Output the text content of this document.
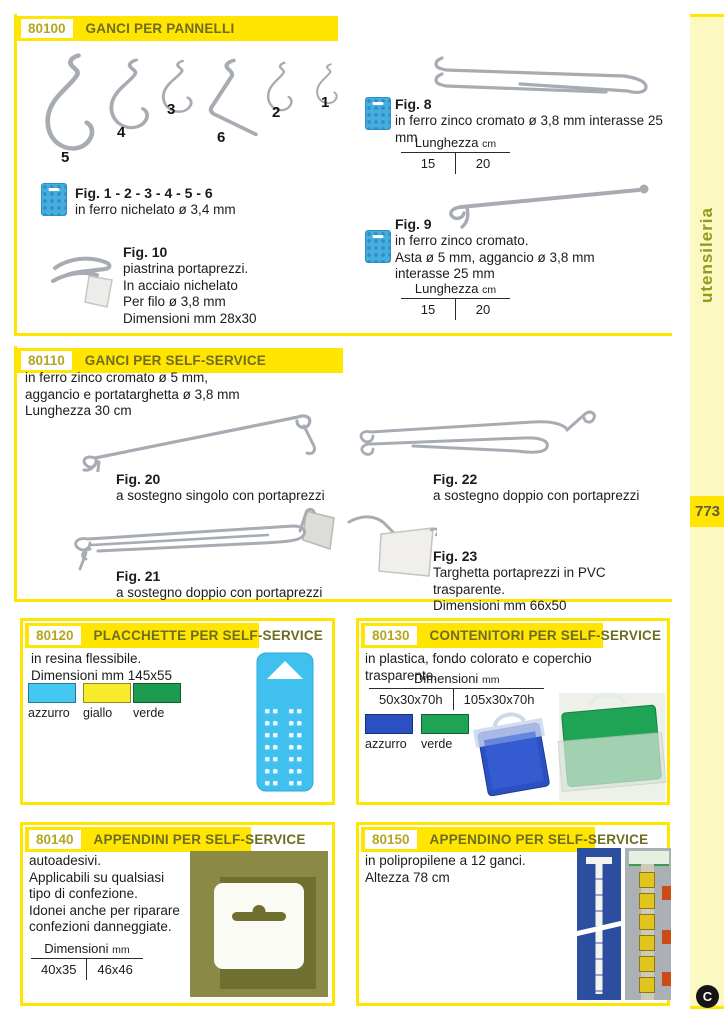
80100	GANCI PER PANNELLI
5
4
3
6
2
1
Fig. 1 - 2 - 3 - 4 - 5 - 6
in ferro nichelato ø 3,4 mm
Fig. 10
piastrina portaprezzi.
In acciaio nichelato
Per filo ø 3,8 mm
Dimensioni mm 28x30
Fig. 8
in ferro zinco cromato ø 3,8 mm interasse 25 mm
Lunghezza cm
15	20
Fig. 9
in ferro zinco cromato.
Asta ø 5 mm, aggancio ø 3,8 mm
interasse 25 mm
Lunghezza cm
15	20
80110	GANCI PER SELF-SERVICE
in ferro zinco cromato ø 5 mm,
aggancio e portatarghetta ø 3,8 mm
Lunghezza 30 cm
Fig. 20
a sostegno singolo con portaprezzi
Fig. 22
a sostegno doppio con portaprezzi
Fig. 21
a sostegno doppio con portaprezzi
Fig. 23
Targhetta portaprezzi in PVC trasparente.
Dimensioni mm 66x50
80120	PLACCHETTE PER SELF-SERVICE
in resina flessibile.
Dimensioni mm 145x55
azzurro	giallo	verde
80130	CONTENITORI PER SELF-SERVICE
in plastica, fondo colorato e coperchio trasparente.
Dimensioni mm
50x30x70h	105x30x70h
azzurro	verde
80140	APPENDINI PER SELF-SERVICE
autoadesivi.
Applicabili su qualsiasi
tipo di confezione.
Idonei anche per riparare
confezioni danneggiate.
Dimensioni mm
40x35	46x46
80150	APPENDINO PER SELF-SERVICE
in polipropilene a 12 ganci.
Altezza 78 cm
utensileria
773
C
